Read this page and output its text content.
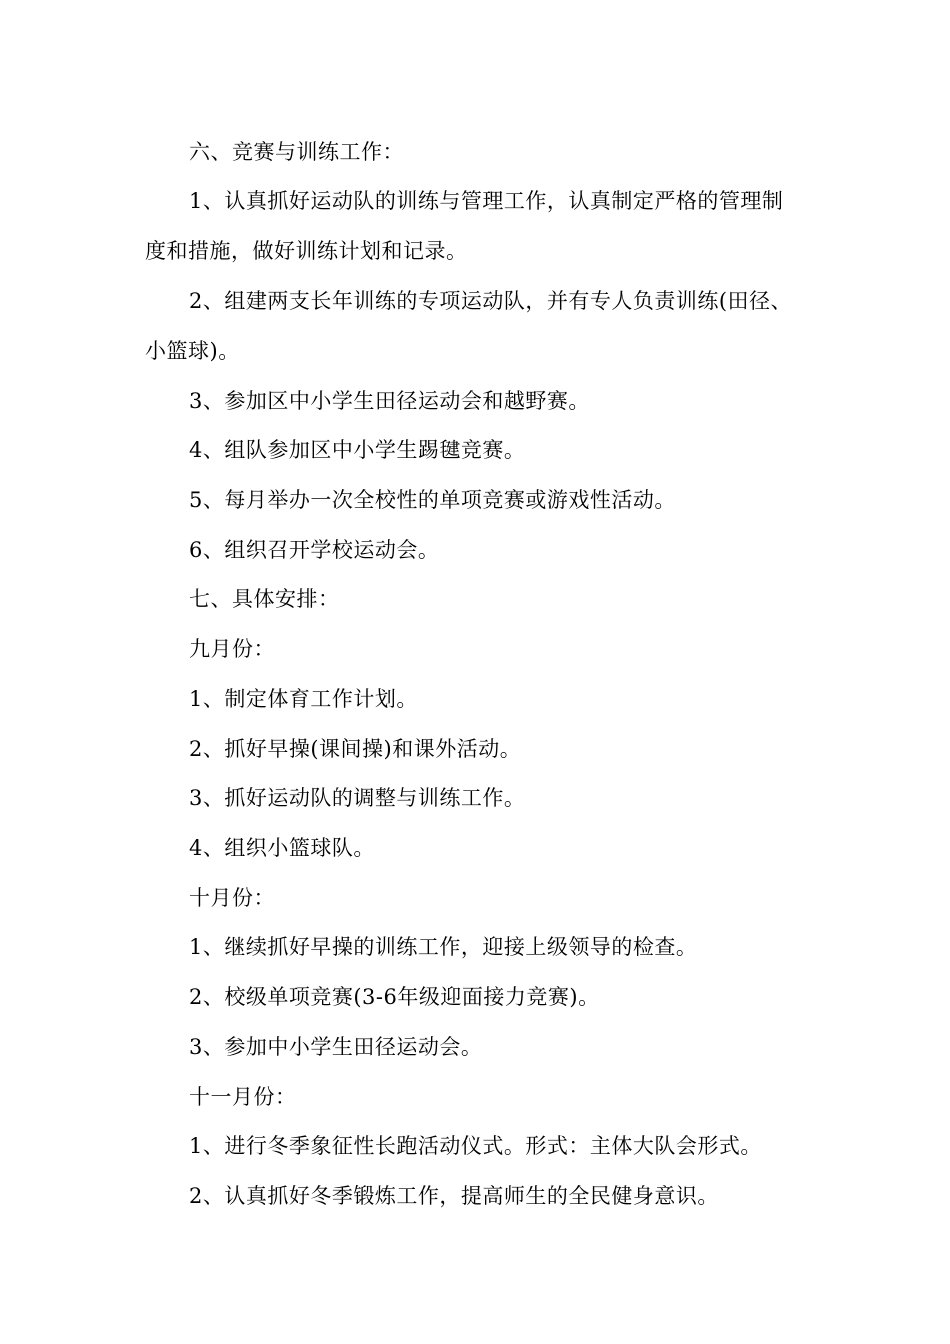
六、竞赛与训练工作：
1、认真抓好运动队的训练与管理工作，认真制定严格的管理制
度和措施，做好训练计划和记录。
2、组建两支长年训练的专项运动队，并有专人负责训练(田径、
小篮球)。
3、参加区中小学生田径运动会和越野赛。
4、组队参加区中小学生踢毽竞赛。
5、每月举办一次全校性的单项竞赛或游戏性活动。
6、组织召开学校运动会。
七、具体安排：
九月份：
1、制定体育工作计划。
2、抓好早操(课间操)和课外活动。
3、抓好运动队的调整与训练工作。
4、组织小篮球队。
十月份：
1、继续抓好早操的训练工作，迎接上级领导的检查。
2、校级单项竞赛(3-6年级迎面接力竞赛)。
3、参加中小学生田径运动会。
十一月份：
1、进行冬季象征性长跑活动仪式。形式：主体大队会形式。
2、认真抓好冬季锻炼工作，提高师生的全民健身意识。
